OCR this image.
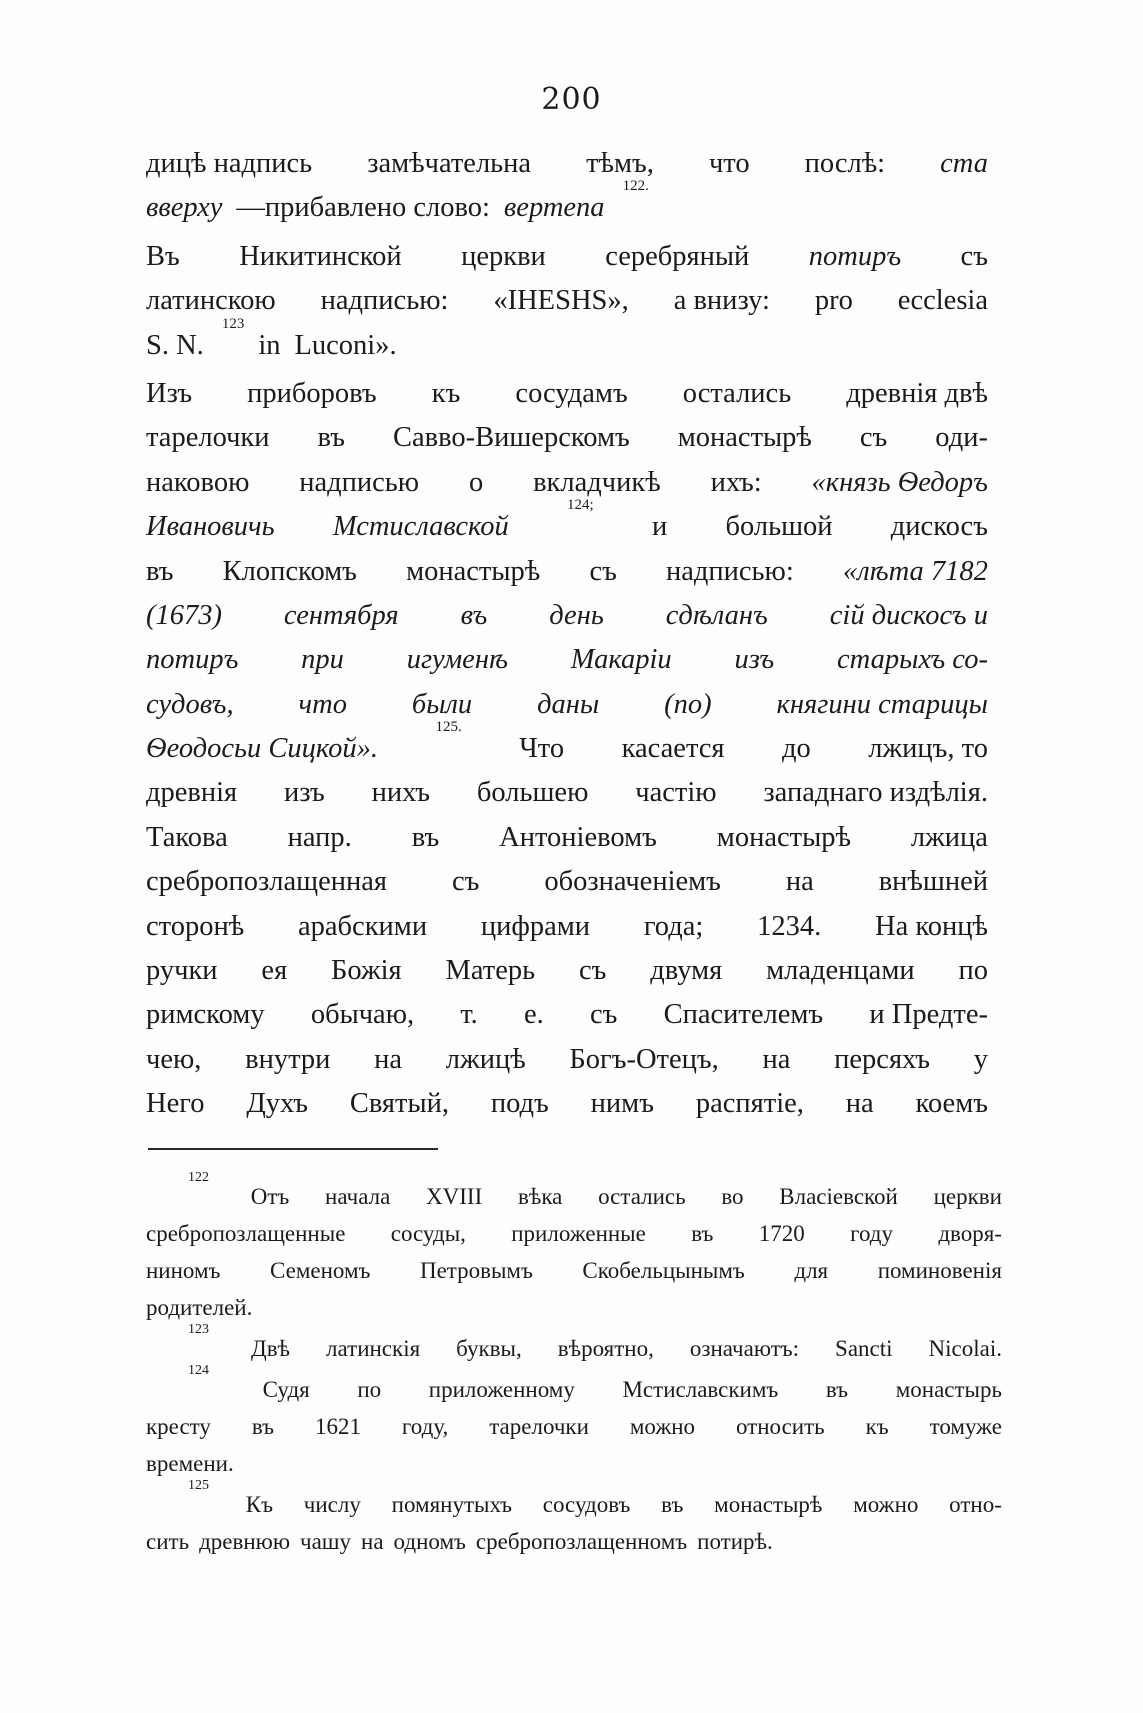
200
дицѣ надпись замѣчательна тѣмъ, что послѣ: ста
вверху —прибавлено слово: вертепа
122.
Въ Никитинской церкви серебряный потиръ съ
латинскою надписью: «IHESHS», а внизу: pro ecclesia
S. N.
123
in Luconi».
Изъ приборовъ къ сосудамъ остались древнія двѣ
тарелочки въ Савво-Вишерскомъ монастырѣ съ оди-
наковою надписью о вкладчикѣ ихъ: «князь Ѳедоръ
Ивановичь Мстиславской
124;
и большой дискосъ
въ Клопскомъ монастырѣ съ надписью: «лѣта 7182
(1673) сентября въ день сдѣланъ сій дискосъ и
потиръ при игуменѣ Макаріи изъ старыхъ со-
судовъ, что были даны (по) княгини старицы
Ѳеодосьи Сицкой».
125.
Что касается до лжицъ, то
древнія изъ нихъ большею частію западнаго издѣлія.
Такова напр. въ Антоніевомъ монастырѣ лжица
сребропозлащенная съ обозначеніемъ на внѣшней
сторонѣ арабскими цифрами года; 1234. На концѣ
ручки ея Божія Матерь съ двумя младенцами по
римскому обычаю, т. е. съ Спасителемъ и Предте-
чею, внутри на лжицѣ Богъ-Отецъ, на персяхъ у
Него Духъ Святый, подъ нимъ распятіе, на коемъ
122
Отъ начала XVIII вѣка остались во Власіевской церкви
сребропозлащенные сосуды, приложенные въ 1720 году дворя-
ниномъ Семеномъ Петровымъ Скобельцынымъ для поминовенія
родителей.
123
Двѣ латинскія буквы, вѣроятно, означаютъ: Sancti Nicolai.
124
Судя по приложенному Мстиславскимъ въ монастырь
кресту въ 1621 году, тарелочки можно относить къ томуже
времени.
125
Къ числу помянутыхъ сосудовъ въ монастырѣ можно отно-
сить древнюю чашу на одномъ сребропозлащенномъ потирѣ.
